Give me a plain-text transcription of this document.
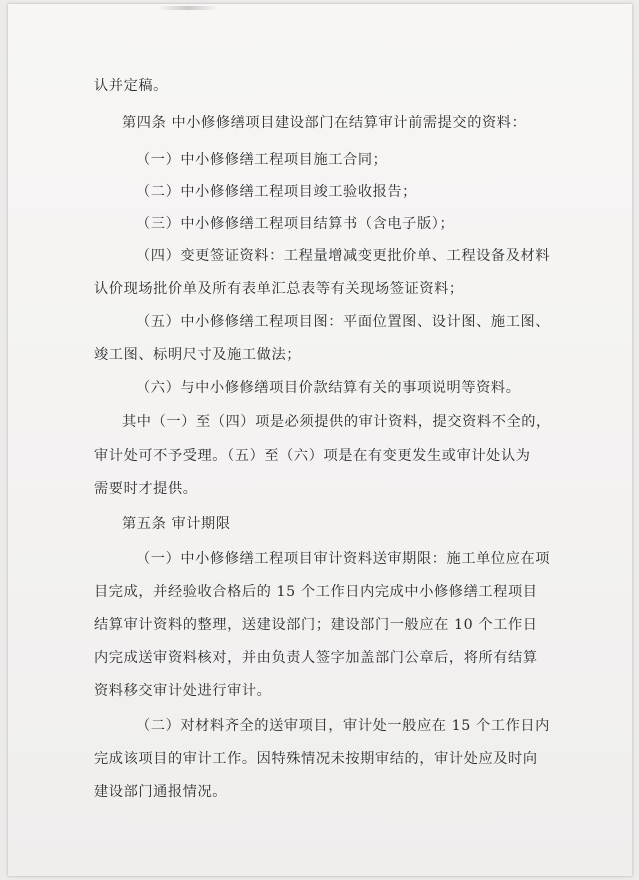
认并定稿。
第四条 中小修修缮项目建设部门在结算审计前需提交的资料：
（一）中小修修缮工程项目施工合同；
（二）中小修修缮工程项目竣工验收报告；
（三）中小修修缮工程项目结算书（含电子版）；
（四）变更签证资料：工程量增减变更批价单、工程设备及材料
认价现场批价单及所有表单汇总表等有关现场签证资料；
（五）中小修修缮工程项目图：平面位置图、设计图、施工图、
竣工图、标明尺寸及施工做法；
（六）与中小修修缮项目价款结算有关的事项说明等资料。
其中（一）至（四）项是必须提供的审计资料，提交资料不全的，
审计处可不予受理。（五）至（六）项是在有变更发生或审计处认为
需要时才提供。
第五条 审计期限
（一）中小修修缮工程项目审计资料送审期限：施工单位应在项
目完成，并经验收合格后的 15 个工作日内完成中小修修缮工程项目
结算审计资料的整理，送建设部门；建设部门一般应在 10 个工作日
内完成送审资料核对，并由负责人签字加盖部门公章后，将所有结算
资料移交审计处进行审计。
（二）对材料齐全的送审项目，审计处一般应在 15 个工作日内
完成该项目的审计工作。因特殊情况未按期审结的，审计处应及时向
建设部门通报情况。
